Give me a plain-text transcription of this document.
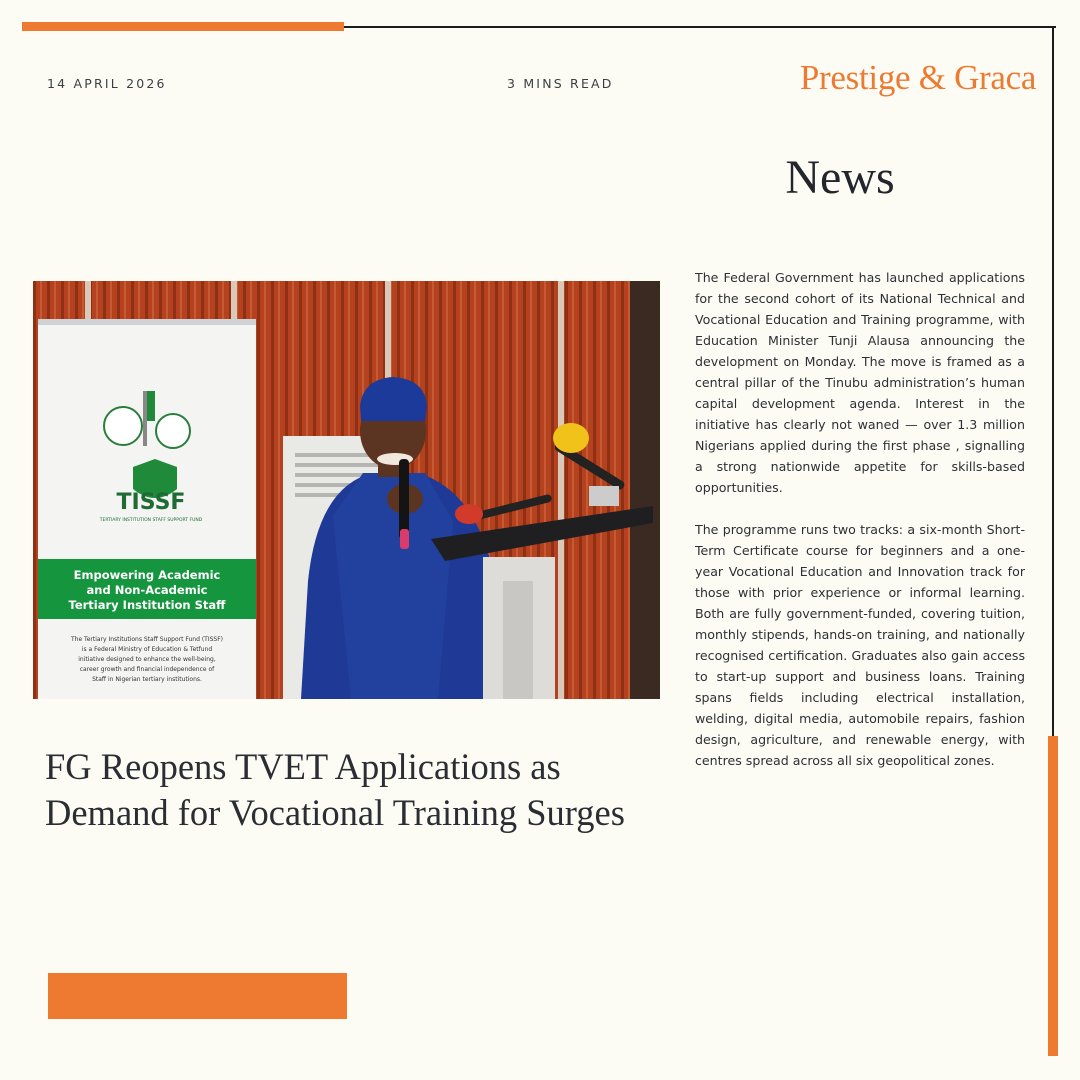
14 APRIL 2026	3 MINS READ	Prestige & Graca
News
TISSF
TERTIARY INSTITUTION STAFF SUPPORT FUND
Empowering Academic
and Non-Academic
Tertiary Institution Staff
The Tertiary Institutions Staff Support Fund (TISSF)
is a Federal Ministry of Education & Tetfund
initiative designed to enhance the well-being,
career growth and financial independence of
Staff in Nigerian tertiary institutions.

The Federal Government has launched applications for the second cohort of its National Technical and Vocational Education and Training programme, with Education Minister Tunji Alausa announcing the development on Monday. The move is framed as a central pillar of the Tinubu administration’s human capital development agenda. Interest in the initiative has clearly not waned — over 1.3 million Nigerians applied during the first phase , signalling a strong nationwide appetite for skills-based opportunities.

The programme runs two tracks: a six-month Short-Term Certificate course for beginners and a one-year Vocational Education and Innovation track for those with prior experience or informal learning. Both are fully government-funded, covering tuition, monthly stipends, hands-on training, and nationally recognised certification. Graduates also gain access to start-up support and business loans. Training spans fields including electrical installation, welding, digital media, automobile repairs, fashion design, agriculture, and renewable energy, with centres spread across all six geopolitical zones.

FG Reopens TVET Applications as Demand for Vocational Training Surges
